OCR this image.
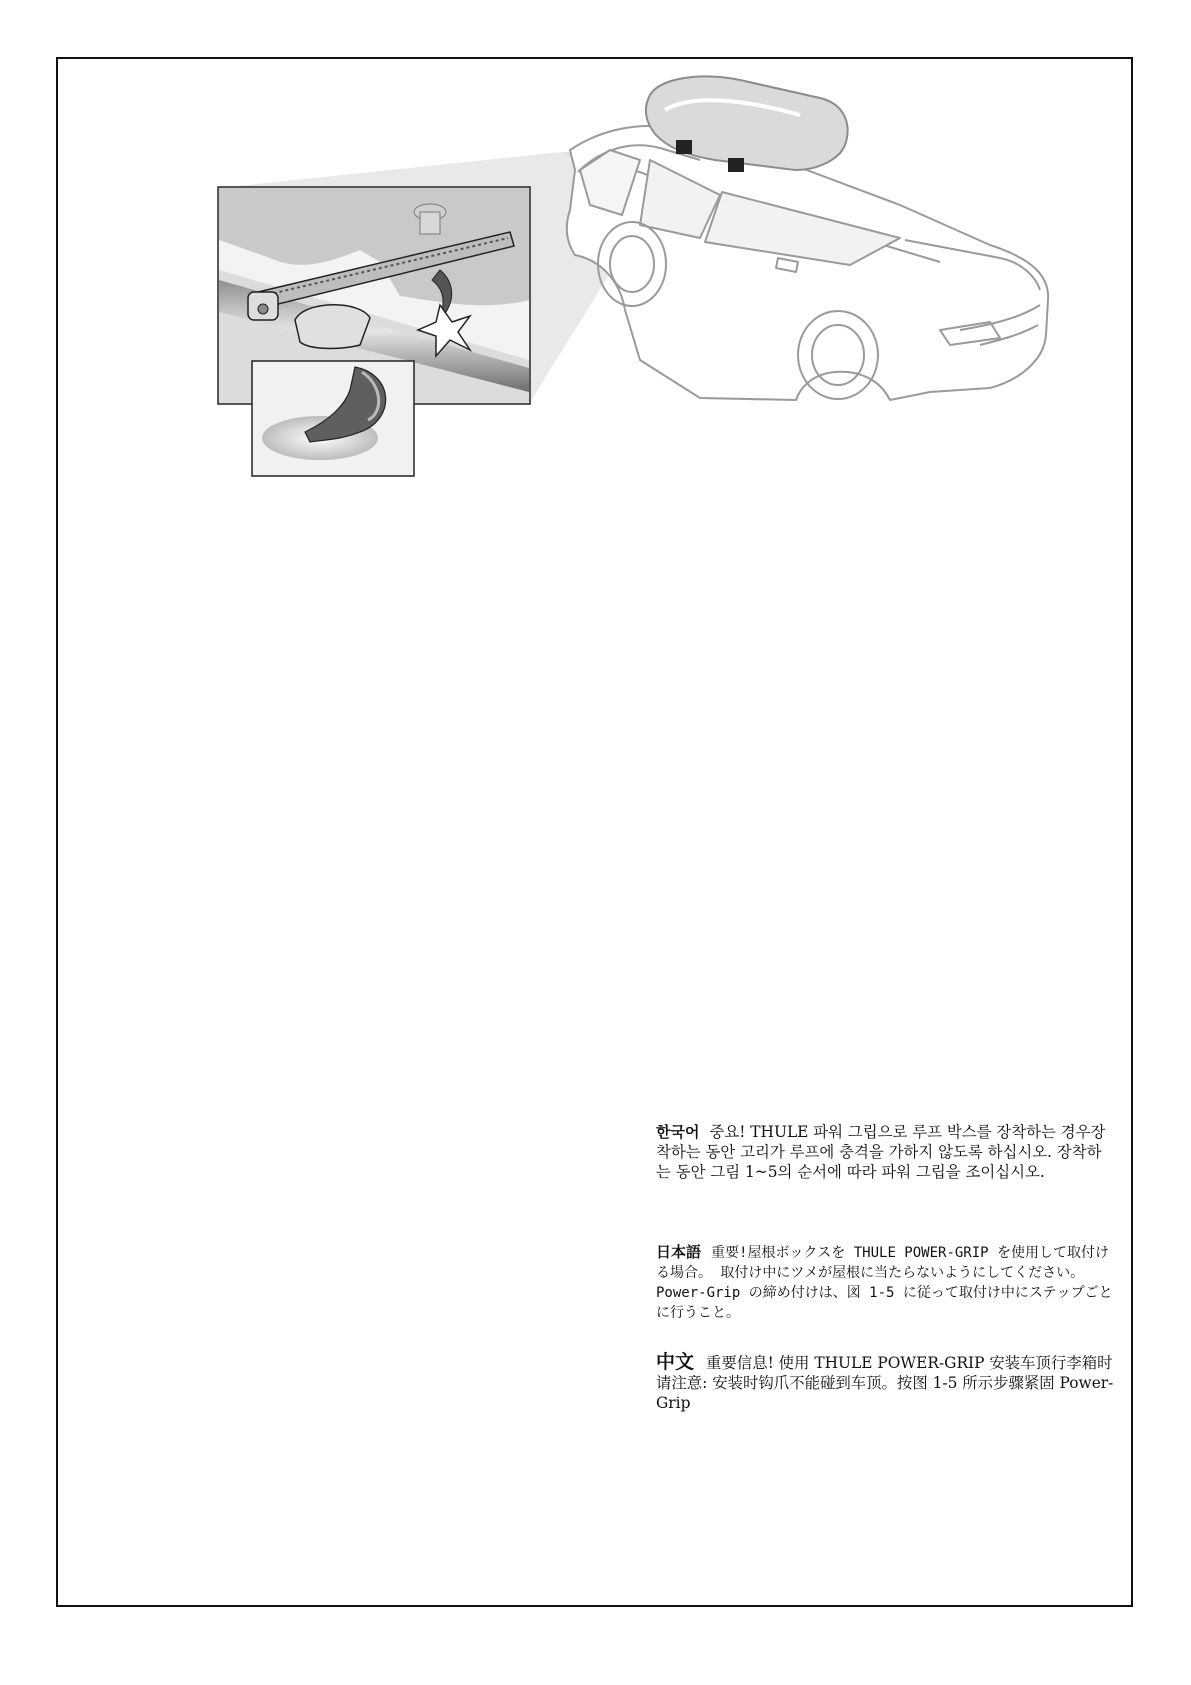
한국어 중요! THULE 파워 그립으로 루프 박스를 장착하는 경우장착하는 동안 고리가 루프에 충격을 가하지 않도록 하십시오. 장착하는 동안 그림 1~5의 순서에 따라 파워 그립을 조이십시오.
日本語 重要!屋根ボックスを THULE POWER-GRIP を使用して取付ける場合。 取付け中にツメが屋根に当たらないようにしてください。Power-Grip の締め付けは、図 1-5 に従って取付け中にステップごとに行うこと。
中文 重要信息! 使用 THULE POWER-GRIP 安装车顶行李箱时请注意: 安装时钩爪不能碰到车顶。按图 1-5 所示步骤紧固 Power-Grip
